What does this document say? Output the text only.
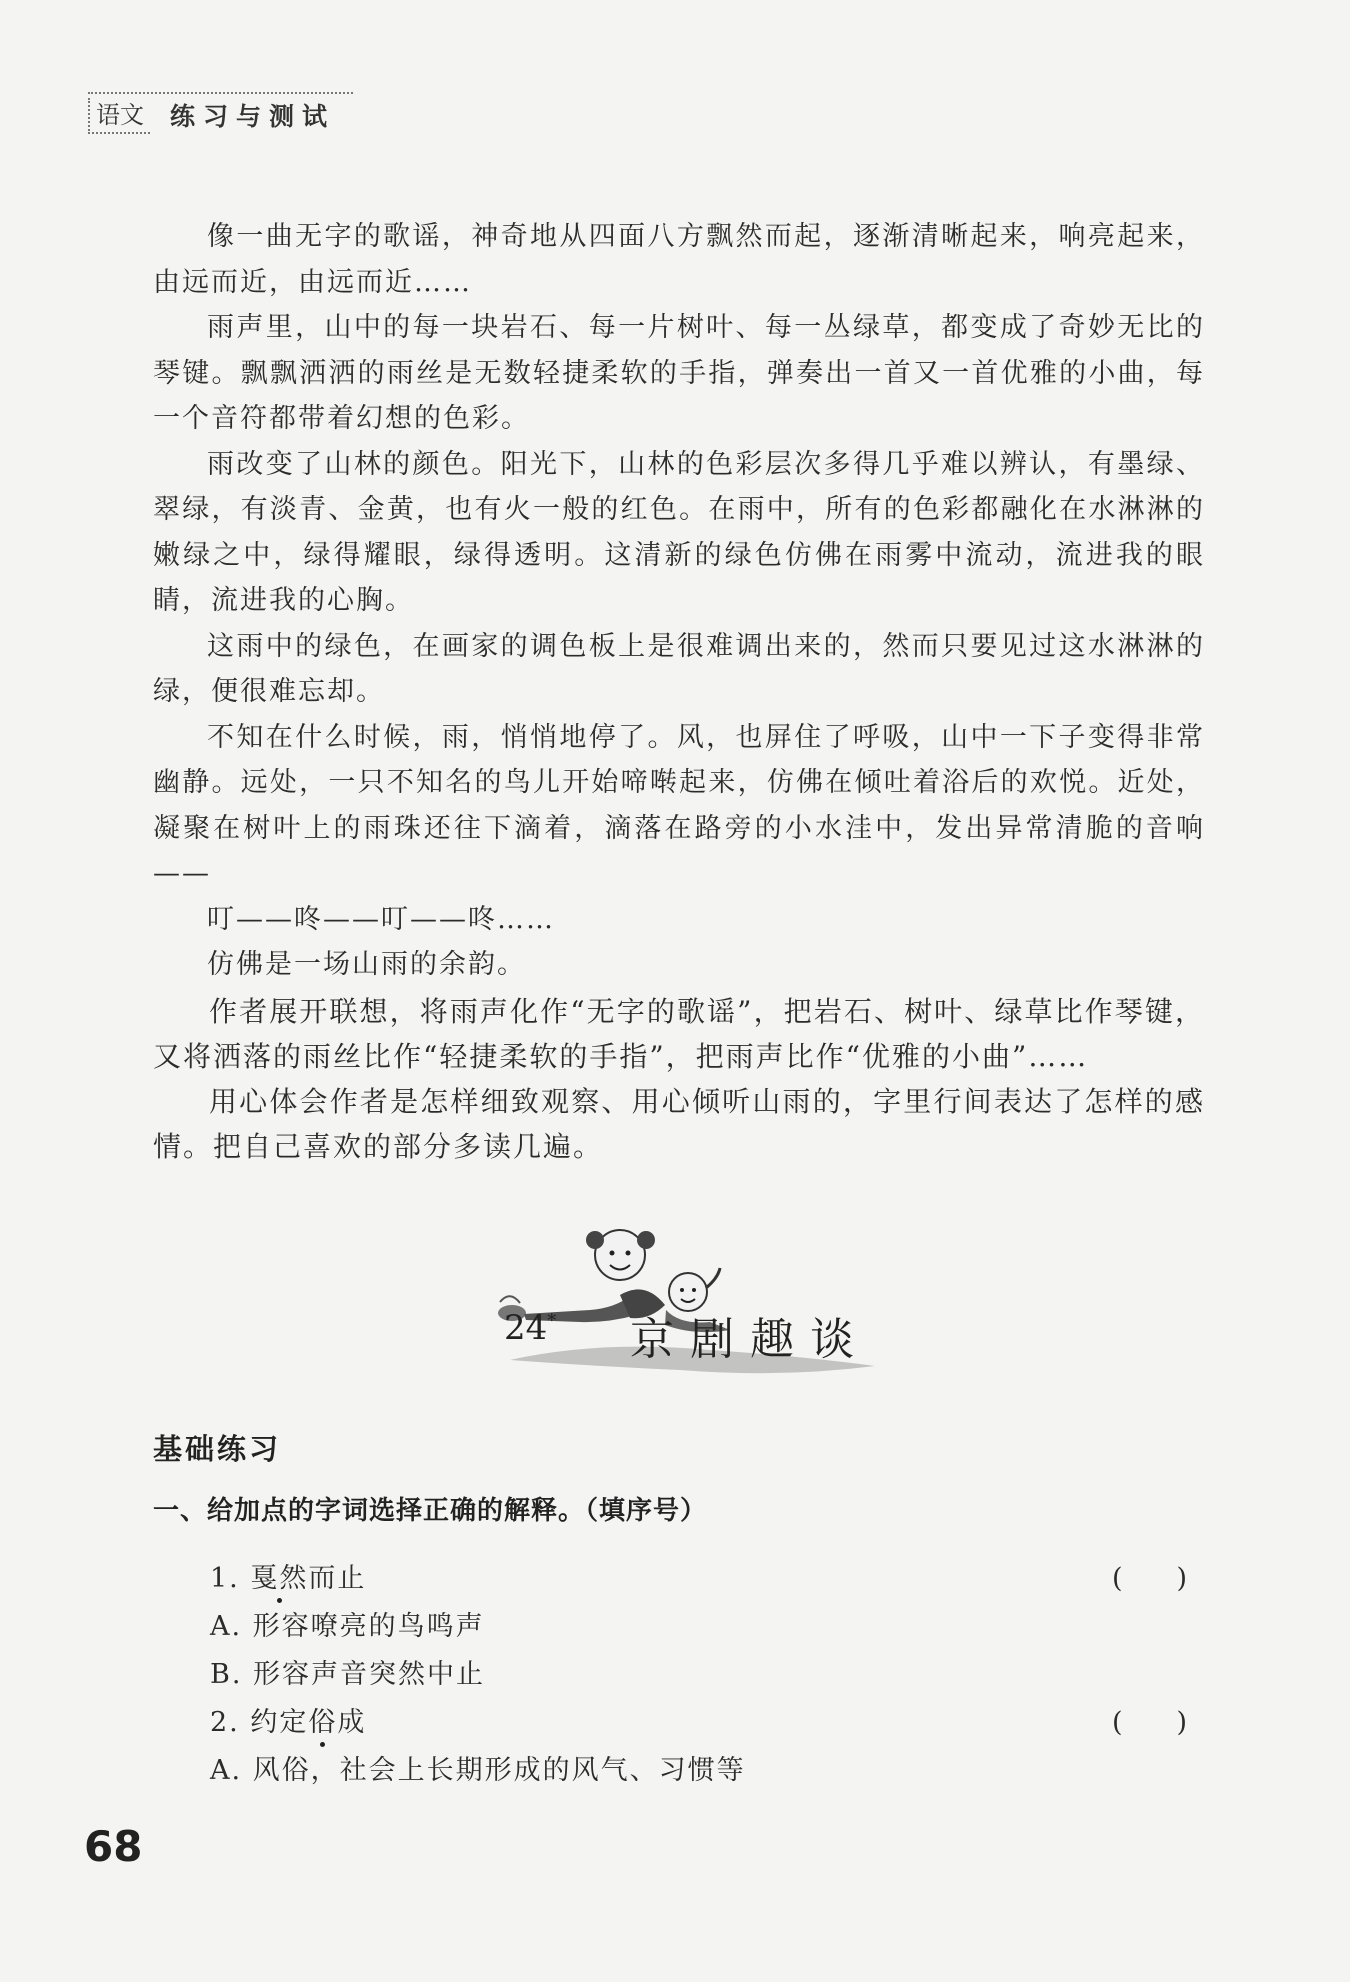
语文 练习与测试

像一曲无字的歌谣，神奇地从四面八方飘然而起，逐渐清晰起来，响亮起来，由远而近，由远而近……

雨声里，山中的每一块岩石、每一片树叶、每一丛绿草，都变成了奇妙无比的琴键。飘飘洒洒的雨丝是无数轻捷柔软的手指，弹奏出一首又一首优雅的小曲，每一个音符都带着幻想的色彩。

雨改变了山林的颜色。阳光下，山林的色彩层次多得几乎难以辨认，有墨绿、翠绿，有淡青、金黄，也有火一般的红色。在雨中，所有的色彩都融化在水淋淋的嫩绿之中，绿得耀眼，绿得透明。这清新的绿色仿佛在雨雾中流动，流进我的眼睛，流进我的心胸。

这雨中的绿色，在画家的调色板上是很难调出来的，然而只要见过这水淋淋的绿，便很难忘却。

不知在什么时候，雨，悄悄地停了。风，也屏住了呼吸，山中一下子变得非常幽静。远处，一只不知名的鸟儿开始啼啭起来，仿佛在倾吐着浴后的欢悦。近处，凝聚在树叶上的雨珠还往下滴着，滴落在路旁的小水洼中，发出异常清脆的音响——

叮——咚——叮——咚……

仿佛是一场山雨的余韵。

作者展开联想，将雨声化作“无字的歌谣”，把岩石、树叶、绿草比作琴键，又将洒落的雨丝比作“轻捷柔软的手指”，把雨声比作“优雅的小曲”……

用心体会作者是怎样细致观察、用心倾听山雨的，字里行间表达了怎样的感情。把自己喜欢的部分多读几遍。

24* 京剧趣谈
基础练习
一、给加点的字词选择正确的解释。（填序号）
1. 戛然而止	(　　)
A. 形容嘹亮的鸟鸣声
B. 形容声音突然中止
2. 约定俗成	(　　)
A. 风俗，社会上长期形成的风气、习惯等
68
